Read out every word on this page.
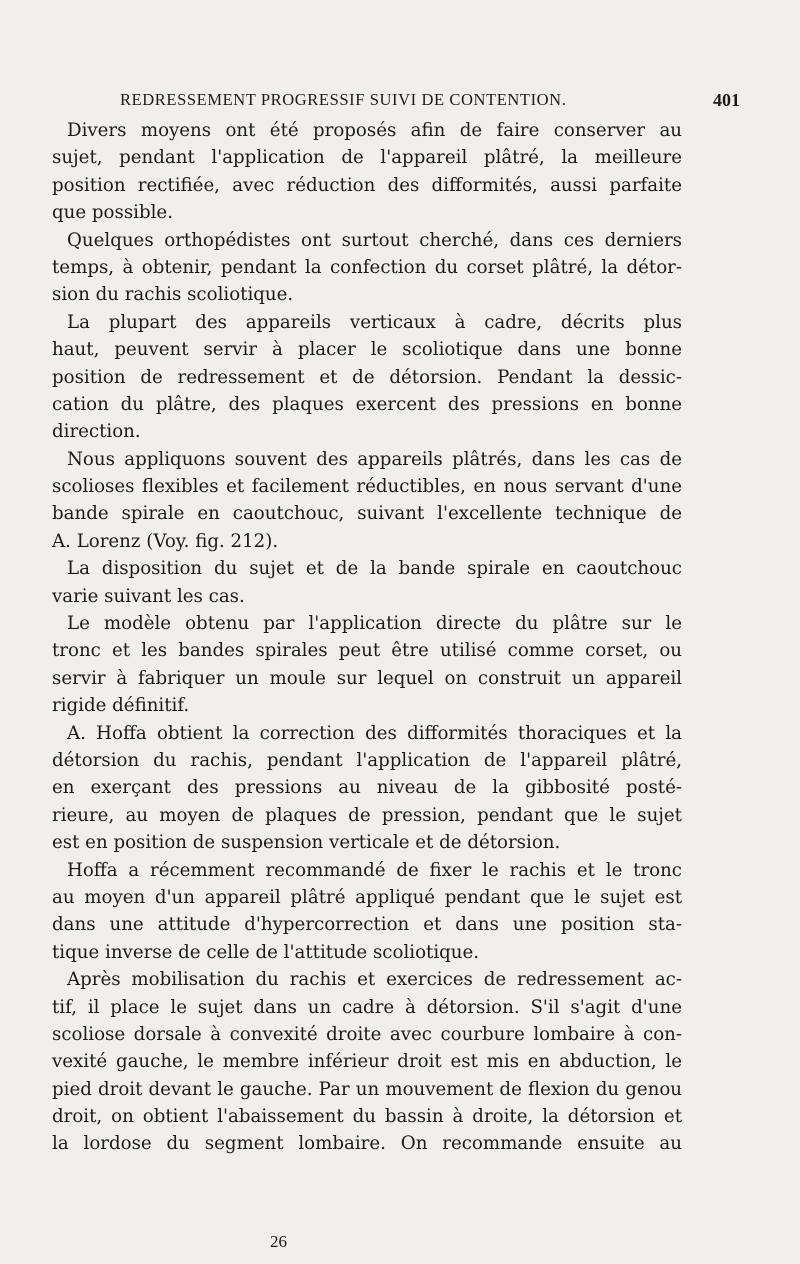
REDRESSEMENT PROGRESSIF SUIVI DE CONTENTION.	401
Divers moyens ont été proposés afin de faire conserver au
sujet, pendant l'application de l'appareil plâtré, la meilleure
position rectifiée, avec réduction des difformités, aussi parfaite
que possible.
Quelques orthopédistes ont surtout cherché, dans ces derniers
temps, à obtenir, pendant la confection du corset plâtré, la détor-
sion du rachis scoliotique.
La plupart des appareils verticaux à cadre, décrits plus
haut, peuvent servir à placer le scoliotique dans une bonne
position de redressement et de détorsion. Pendant la dessic-
cation du plâtre, des plaques exercent des pressions en bonne
direction.
Nous appliquons souvent des appareils plâtrés, dans les cas de
scolioses flexibles et facilement réductibles, en nous servant d'une
bande spirale en caoutchouc, suivant l'excellente technique de
A. Lorenz (Voy. fig. 212).
La disposition du sujet et de la bande spirale en caoutchouc
varie suivant les cas.
Le modèle obtenu par l'application directe du plâtre sur le
tronc et les bandes spirales peut être utilisé comme corset, ou
servir à fabriquer un moule sur lequel on construit un appareil
rigide définitif.
A. Hoffa obtient la correction des difformités thoraciques et la
détorsion du rachis, pendant l'application de l'appareil plâtré,
en exerçant des pressions au niveau de la gibbosité posté-
rieure, au moyen de plaques de pression, pendant que le sujet
est en position de suspension verticale et de détorsion.
Hoffa a récemment recommandé de fixer le rachis et le tronc
au moyen d'un appareil plâtré appliqué pendant que le sujet est
dans une attitude d'hypercorrection et dans une position sta-
tique inverse de celle de l'attitude scoliotique.
Après mobilisation du rachis et exercices de redressement ac-
tif, il place le sujet dans un cadre à détorsion. S'il s'agit d'une
scoliose dorsale à convexité droite avec courbure lombaire à con-
vexité gauche, le membre inférieur droit est mis en abduction, le
pied droit devant le gauche. Par un mouvement de flexion du genou
droit, on obtient l'abaissement du bassin à droite, la détorsion et
la lordose du segment lombaire. On recommande ensuite au
26
